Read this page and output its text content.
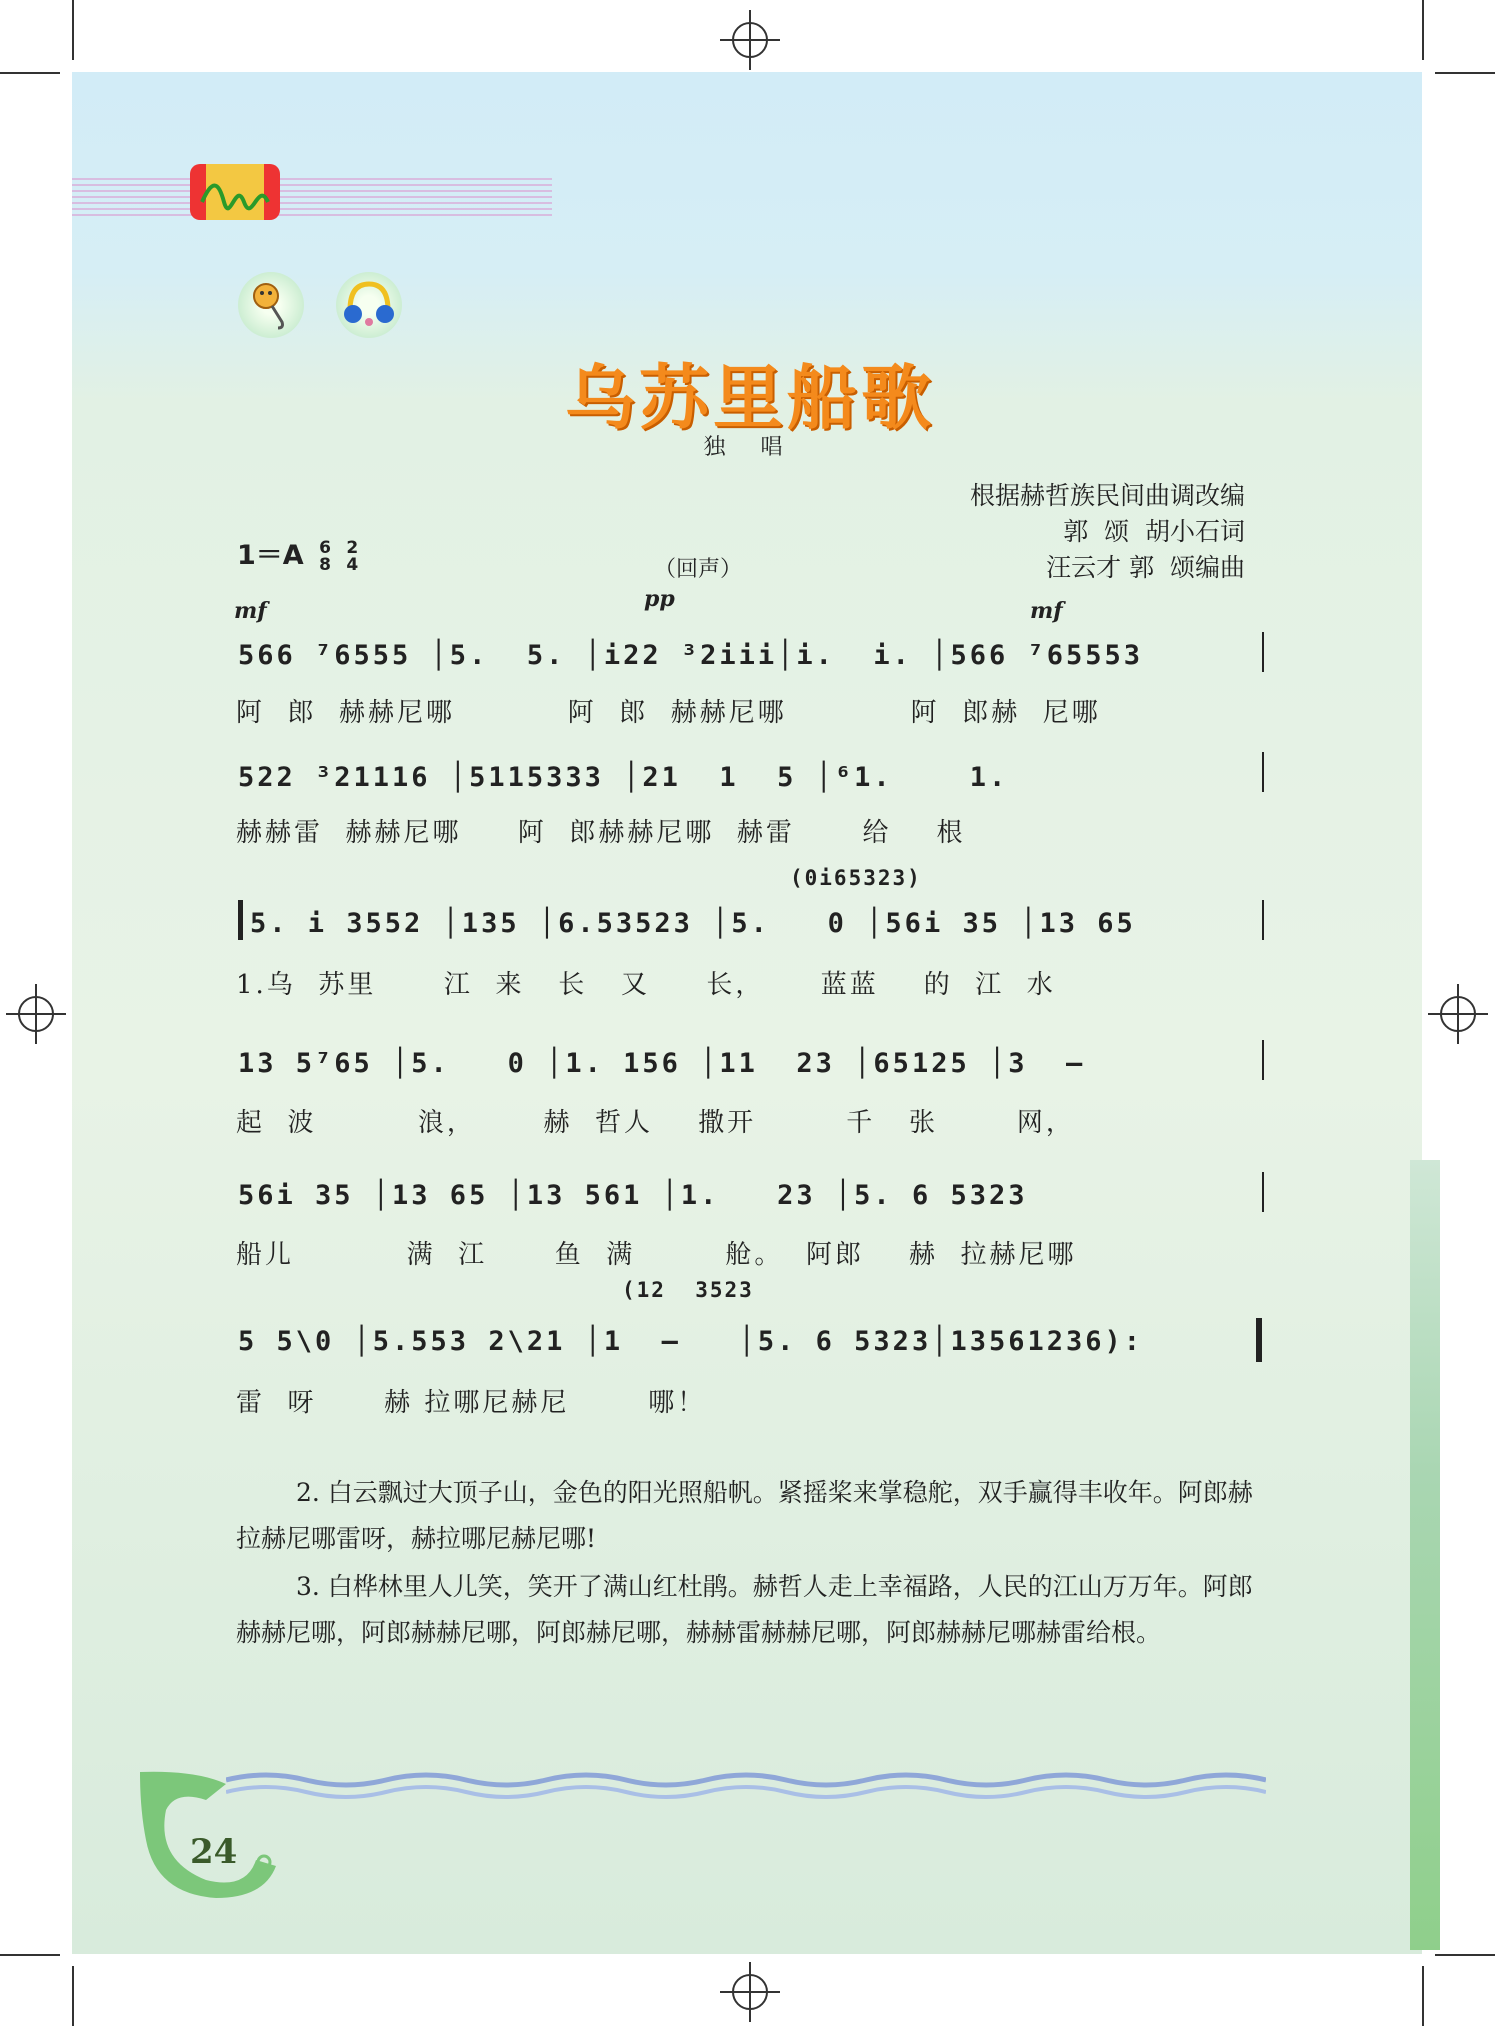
乌苏里船歌
独 唱
根据赫哲族民间曲调改编
郭  颂  胡小石词
汪云才 郭  颂编曲
1＝A 6
8 2
4	（回声）
mf	pp	mf
566 ⁷6555 │5.  5. │i22 ³2iii│i.  i. │566 ⁷65553
阿  郎  赫赫尼哪          阿  郎  赫赫尼哪           阿  郎赫  尼哪
522 ³21116 │5115333 │21  1  5 │⁶1.    1.
赫赫雷  赫赫尼哪     阿  郎赫赫尼哪  赫雷      给    根
(0i65323)
5. i 3552 │135 │6.53523 │5.   0 │56i 35 │13 65
1.乌  苏里      江  来   长   又     长，     蓝蓝    的  江  水
13 5⁷65 │5.   0 │1. 156 │11  23 │65125 │3  –
起  波         浪，      赫  哲人    撒开        千   张       网，
56i 35 │13 65 │13 561 │1.   23 │5. 6 5323
船儿          满  江      鱼  满        舱。  阿郎    赫  拉赫尼哪
(12  3523
5 5\0 │5.553 2\21 │1  –   │5. 6 5323│13561236):
雷  呀      赫 拉哪尼赫尼       哪！

2. 白云飘过大顶子山，金色的阳光照船帆。紧摇桨来掌稳舵，双手赢得丰收年。阿郎赫拉赫尼哪雷呀，赫拉哪尼赫尼哪!

3. 白桦林里人儿笑，笑开了满山红杜鹃。赫哲人走上幸福路，人民的江山万万年。阿郎赫赫尼哪，阿郎赫赫尼哪，阿郎赫尼哪，赫赫雷赫赫尼哪，阿郎赫赫尼哪赫雷给根。

24
